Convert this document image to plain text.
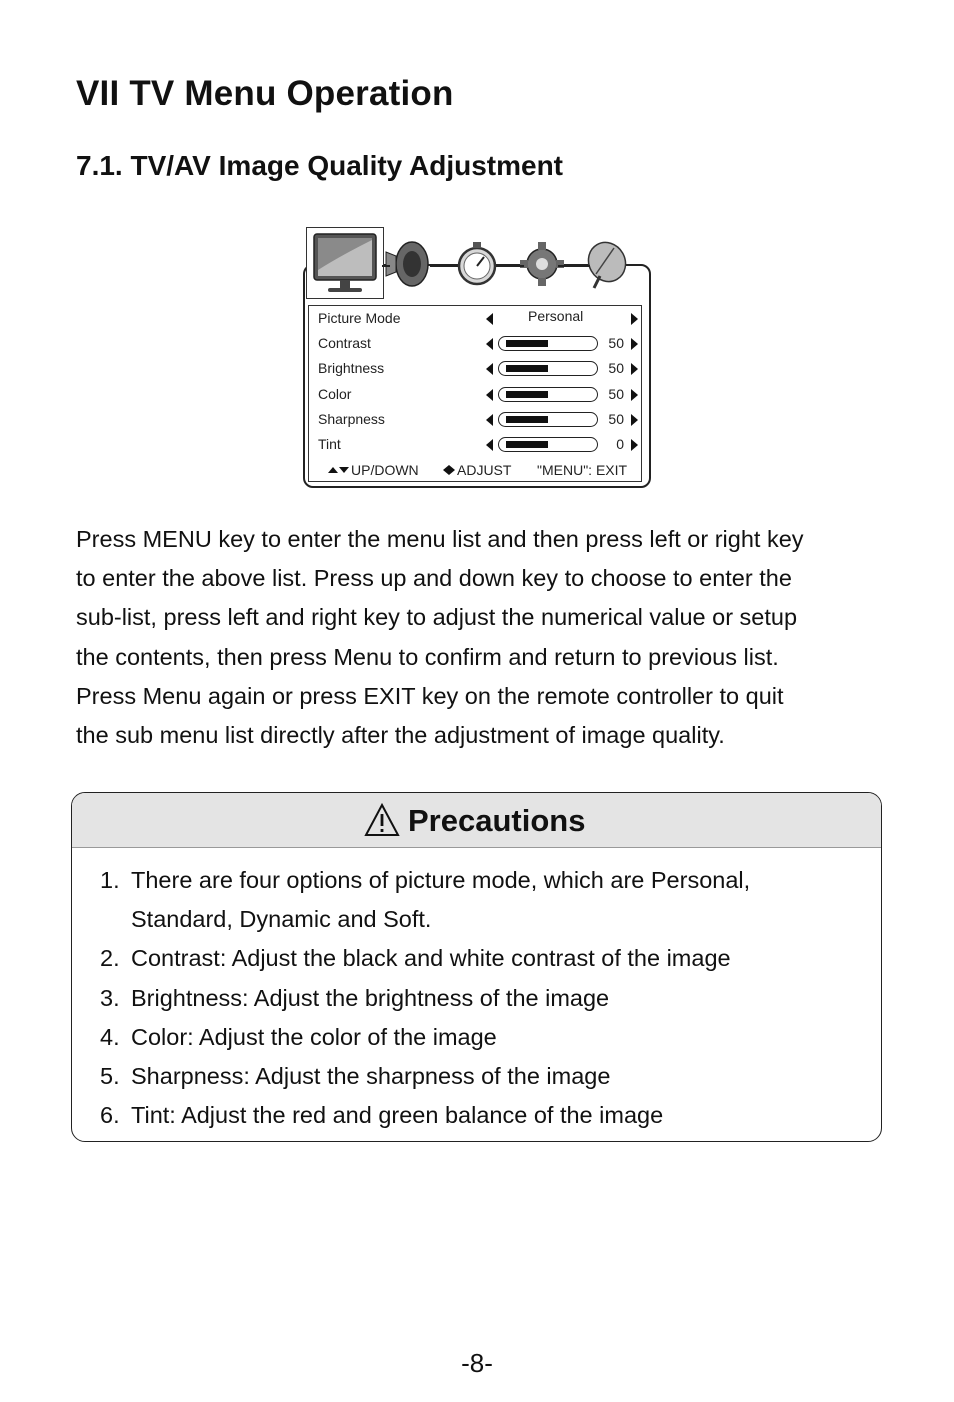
VII TV Menu Operation
7.1. TV/AV Image Quality Adjustment
Picture Mode	Personal
Contrast	50
Brightness	50
Color	50
Sharpness	50
Tint	0
UP/DOWN	ADJUST "MENU": EXIT
Press MENU key to enter the menu list and then press left or right key
to enter the above list. Press up and down key to choose to enter the
sub-list, press left and right key to adjust the numerical value or setup
the contents, then press Menu to confirm and return to previous list.
Press Menu again or press EXIT key on the remote controller to quit
the sub menu list directly after the adjustment of image quality.
Precautions
1. There are four options of picture mode, which are Personal,
Standard, Dynamic and Soft.
2. Contrast: Adjust the black and white contrast of the image
3. Brightness: Adjust the brightness of the image
4. Color: Adjust the color of the image
5. Sharpness: Adjust the sharpness of the image
6. Tint: Adjust the red and green balance of the image
-8-
